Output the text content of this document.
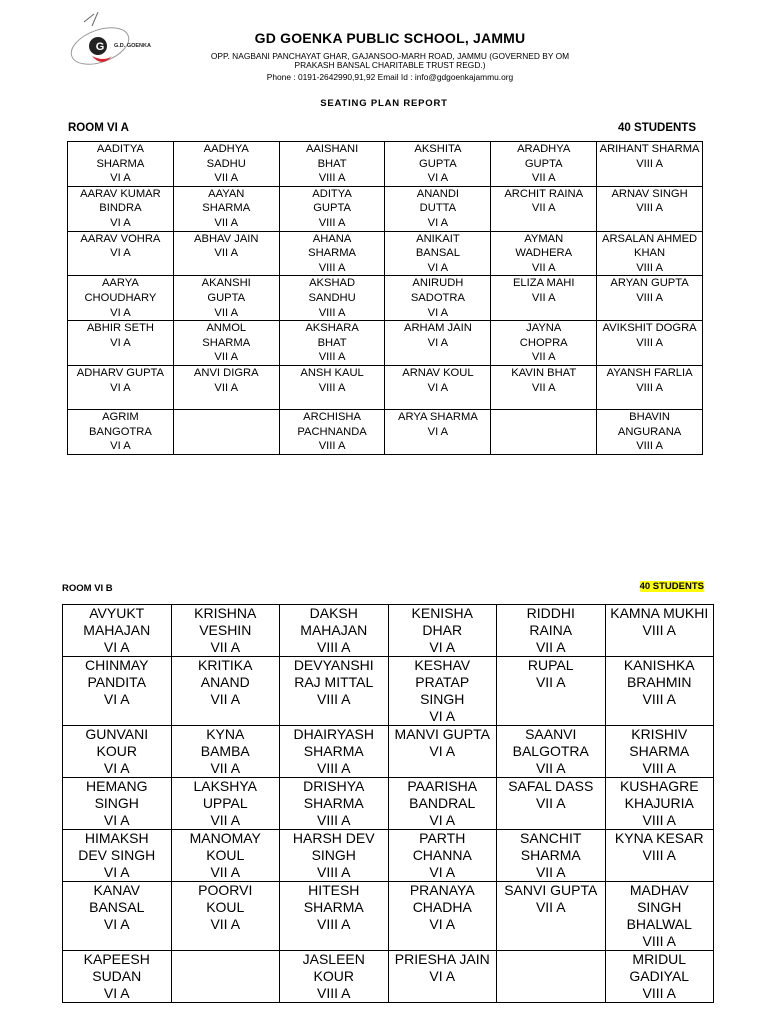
G G.D. GOENKA	GD GOENKA PUBLIC SCHOOL, JAMMU
OPP. NAGBANI PANCHAYAT GHAR, GAJANSOO-MARH ROAD, JAMMU (GOVERNED BY OM
PRAKASH BANSAL CHARITABLE TRUST REGD.)
Phone : 0191-2642990,91,92 Email Id : info@gdgoenkajammu.org
SEATING PLAN REPORT
ROOM VI A	40 STUDENTS
AADITYA
SHARMA
VI A	AADHYA
SADHU
VII A	AAISHANI
BHAT
VIII A	AKSHITA
GUPTA
VI A	ARADHYA
GUPTA
VII A	ARIHANT SHARMA
VIII A

AARAV KUMAR
BINDRA
VI A	AAYAN
SHARMA
VII A	ADITYA
GUPTA
VIII A	ANANDI
DUTTA
VI A	ARCHIT RAINA
VII A	ARNAV SINGH
VIII A

AARAV VOHRA
VI A	ABHAV JAIN
VII A	AHANA
SHARMA
VIII A	ANIKAIT
BANSAL
VI A	AYMAN
WADHERA
VII A	ARSALAN AHMED
KHAN
VIII A

AARYA
CHOUDHARY
VI A	AKANSHI
GUPTA
VII A	AKSHAD
SANDHU
VIII A	ANIRUDH
SADOTRA
VI A	ELIZA MAHI
VII A	ARYAN GUPTA
VIII A

ABHIR SETH
VI A	ANMOL
SHARMA
VII A	AKSHARA
BHAT
VIII A	ARHAM JAIN
VI A	JAYNA
CHOPRA
VII A	AVIKSHIT DOGRA
VIII A

ADHARV GUPTA
VI A	ANVI DIGRA
VII A	ANSH KAUL
VIII A	ARNAV KOUL
VI A	KAVIN BHAT
VII A	AYANSH FARLIA
VIII A

AGRIM
BANGOTRA
VI A		ARCHISHA
PACHNANDA
VIII A	ARYA SHARMA
VI A		BHAVIN
ANGURANA
VIII A
ROOM VI B	40 STUDENTS
AVYUKT
MAHAJAN
VI A	KRISHNA
VESHIN
VII A	DAKSH
MAHAJAN
VIII A	KENISHA
DHAR
VI A	RIDDHI
RAINA
VII A	KAMNA MUKHI
VIII A

CHINMAY
PANDITA
VI A	KRITIKA
ANAND
VII A	DEVYANSHI
RAJ MITTAL
VIII A	KESHAV
PRATAP
SINGH
VI A	RUPAL
VII A	KANISHKA
BRAHMIN
VIII A

GUNVANI
KOUR
VI A	KYNA
BAMBA
VII A	DHAIRYASH
SHARMA
VIII A	MANVI GUPTA
VI A	SAANVI
BALGOTRA
VII A	KRISHIV
SHARMA
VIII A

HEMANG
SINGH
VI A	LAKSHYA
UPPAL
VII A	DRISHYA
SHARMA
VIII A	PAARISHA
BANDRAL
VI A	SAFAL DASS
VII A	KUSHAGRE
KHAJURIA
VIII A

HIMAKSH
DEV SINGH
VI A	MANOMAY
KOUL
VII A	HARSH DEV
SINGH
VIII A	PARTH
CHANNA
VI A	SANCHIT
SHARMA
VII A	KYNA KESAR
VIII A

KANAV
BANSAL
VI A	POORVI
KOUL
VII A	HITESH
SHARMA
VIII A	PRANAYA
CHADHA
VI A	SANVI GUPTA
VII A	MADHAV
SINGH
BHALWAL
VIII A

KAPEESH
SUDAN
VI A		JASLEEN
KOUR
VIII A	PRIESHA JAIN
VI A		MRIDUL
GADIYAL
VIII A
